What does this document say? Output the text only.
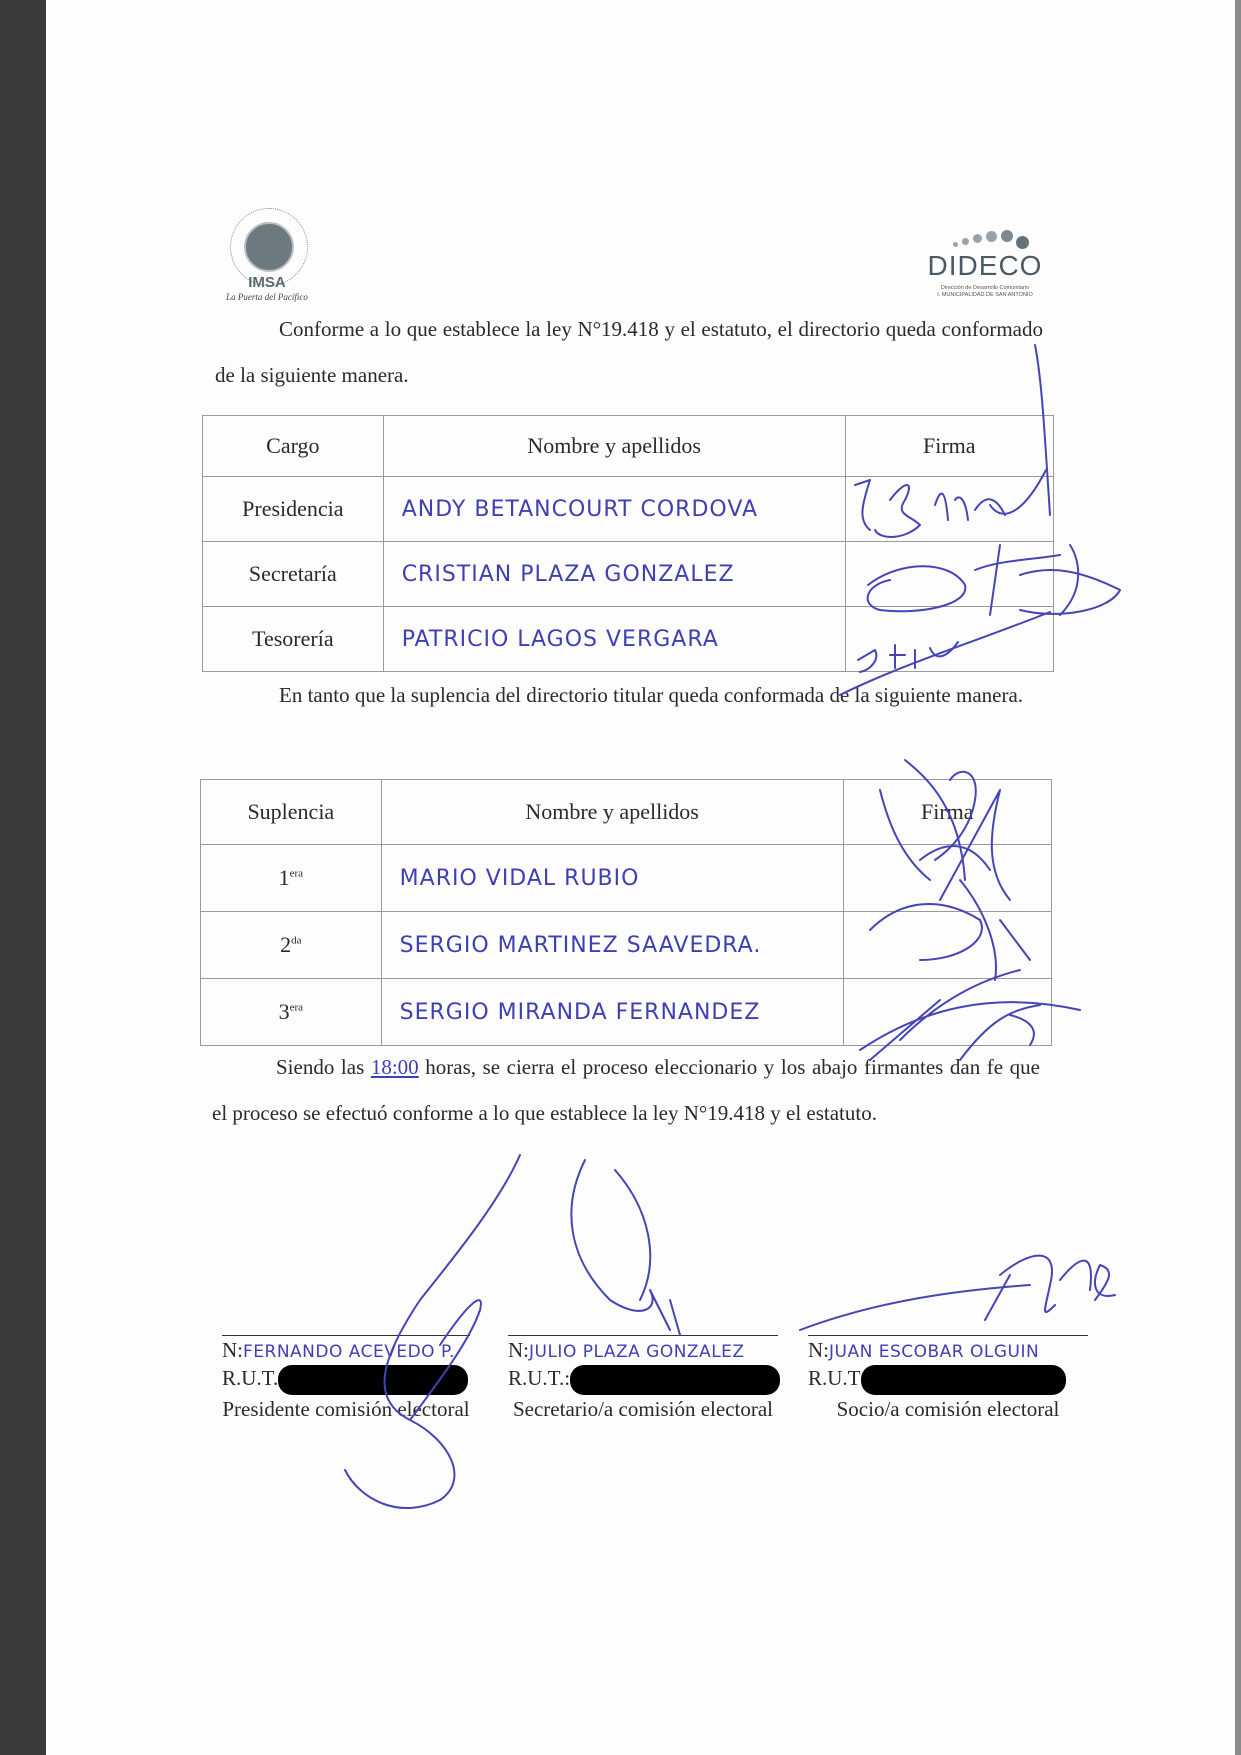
IMSA
La Puerta del Pacífico
DIDECO
Dirección de Desarrollo Comunitario
I. MUNICIPALIDAD DE SAN ANTONIO
Conforme a lo que establece la ley N°19.418 y el estatuto, el directorio queda conformado de la siguiente manera.
Cargo	Nombre y apellidos	Firma
Presidencia	ANDY BETANCOURT CORDOVA	
Secretaría	CRISTIAN PLAZA GONZALEZ	
Tesorería	PATRICIO LAGOS VERGARA	
En tanto que la suplencia del directorio titular queda conformada de la siguiente manera.
Suplencia	Nombre y apellidos	Firma
$1^{era}$	MARIO VIDAL RUBIO	
$2^{da}$	SERGIO MARTINEZ SAAVEDRA.	
$3^{era}$	SERGIO MIRANDA FERNANDEZ	
Siendo las 18:00 horas, se cierra el proceso eleccionario y los abajo firmantes dan fe que el proceso se efectuó conforme a lo que establece la ley N°19.418 y el estatuto.
N:FERNANDO ACEVEDO P.
R.U.T.
Presidente comisión electoral
N:JULIO PLAZA GONZALEZ
R.U.T.:
Secretario/a comisión electoral
N:JUAN ESCOBAR OLGUIN
R.U.T
Socio/a comisión electoral
